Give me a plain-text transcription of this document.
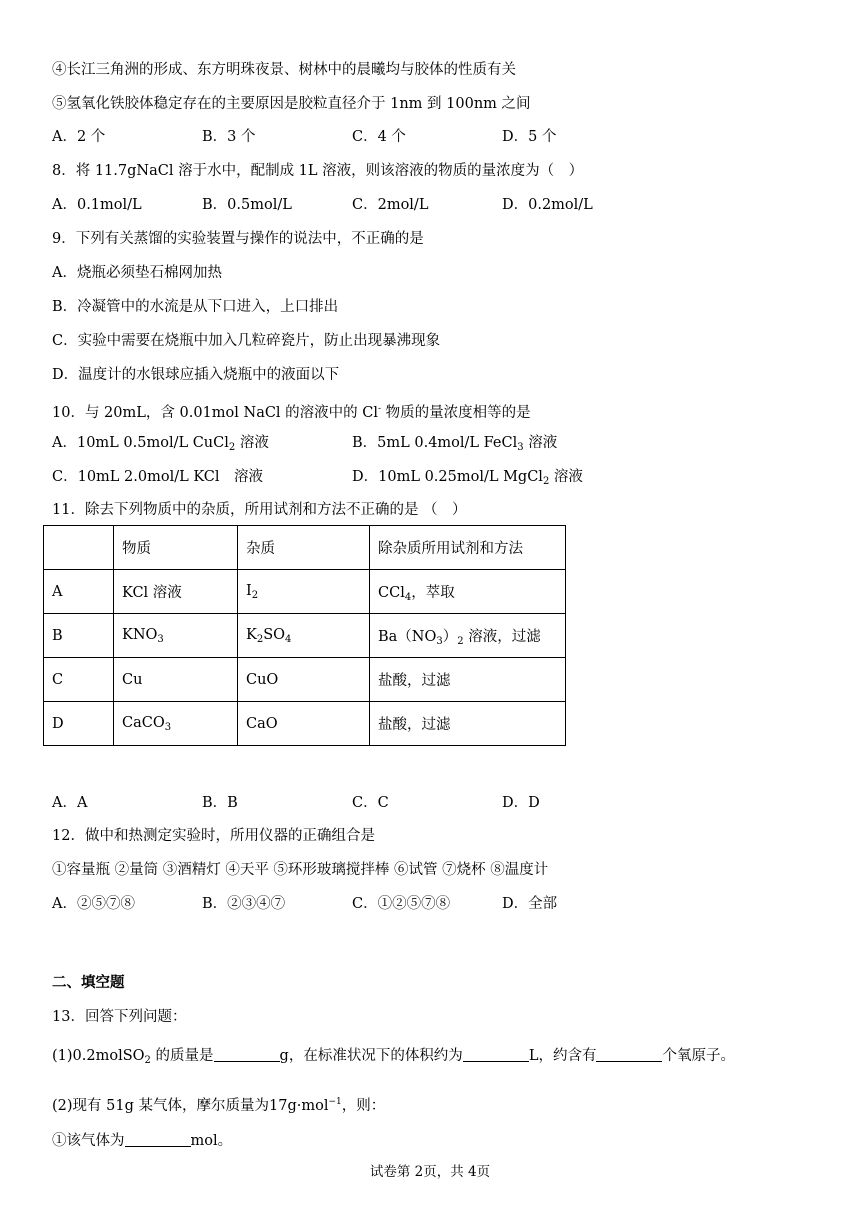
④长江三角洲的形成、东方明珠夜景、树林中的晨曦均与胶体的性质有关
⑤氢氧化铁胶体稳定存在的主要原因是胶粒直径介于 1nm 到 100nm 之间
A．2 个	B．3 个	C．4 个	D．5 个
8．将 11.7gNaCl 溶于水中，配制成 1L 溶液，则该溶液的物质的量浓度为（　）
A．0.1mol/L	B．0.5mol/L	C．2mol/L	D．0.2mol/L
9．下列有关蒸馏的实验装置与操作的说法中，不正确的是
A．烧瓶必须垫石棉网加热
B．冷凝管中的水流是从下口进入，上口排出
C．实验中需要在烧瓶中加入几粒碎瓷片，防止出现暴沸现象
D．温度计的水银球应插入烧瓶中的液面以下
10．与 20mL，含 0.01mol NaCl 的溶液中的 Cl- 物质的量浓度相等的是
A．10mL 0.5mol/L CuCl$_2$ 溶液	B．5mL 0.4mol/L FeCl$_3$ 溶液
C．10mL 2.0mol/L KCl　溶液	D．10mL 0.25mol/L MgCl$_2$ 溶液
11．除去下列物质中的杂质，所用试剂和方法不正确的是 （　）
	物质	杂质	除杂质所用试剂和方法
A	KCl 溶液	$I_2$	CCl$_4$，萃取
B	$KNO_3$	$K_2SO_4$	$Ba(NO_3)_2$ 溶液，过滤
C	Cu	CuO	盐酸，过滤
D	CaCO$_3$	CaO	盐酸，过滤
A．A	B．B	C．C	D．D
12．做中和热测定实验时，所用仪器的正确组合是
①容量瓶 ②量筒 ③酒精灯 ④天平 ⑤环形玻璃搅拌棒 ⑥试管 ⑦烧杯 ⑧温度计
A．②⑤⑦⑧	B．②③④⑦	C．①②⑤⑦⑧	D．全部
二、填空题
13．回答下列问题：
(1)0.2molSO$_2$ 的质量是	g，在标准状况下的体积约为	L，约含有	个氧原子。
(2)现有 51g 某气体，摩尔质量为17g·mol$^{-1}$，则：
①该气体为	mol。
试卷第 2页，共 4页
